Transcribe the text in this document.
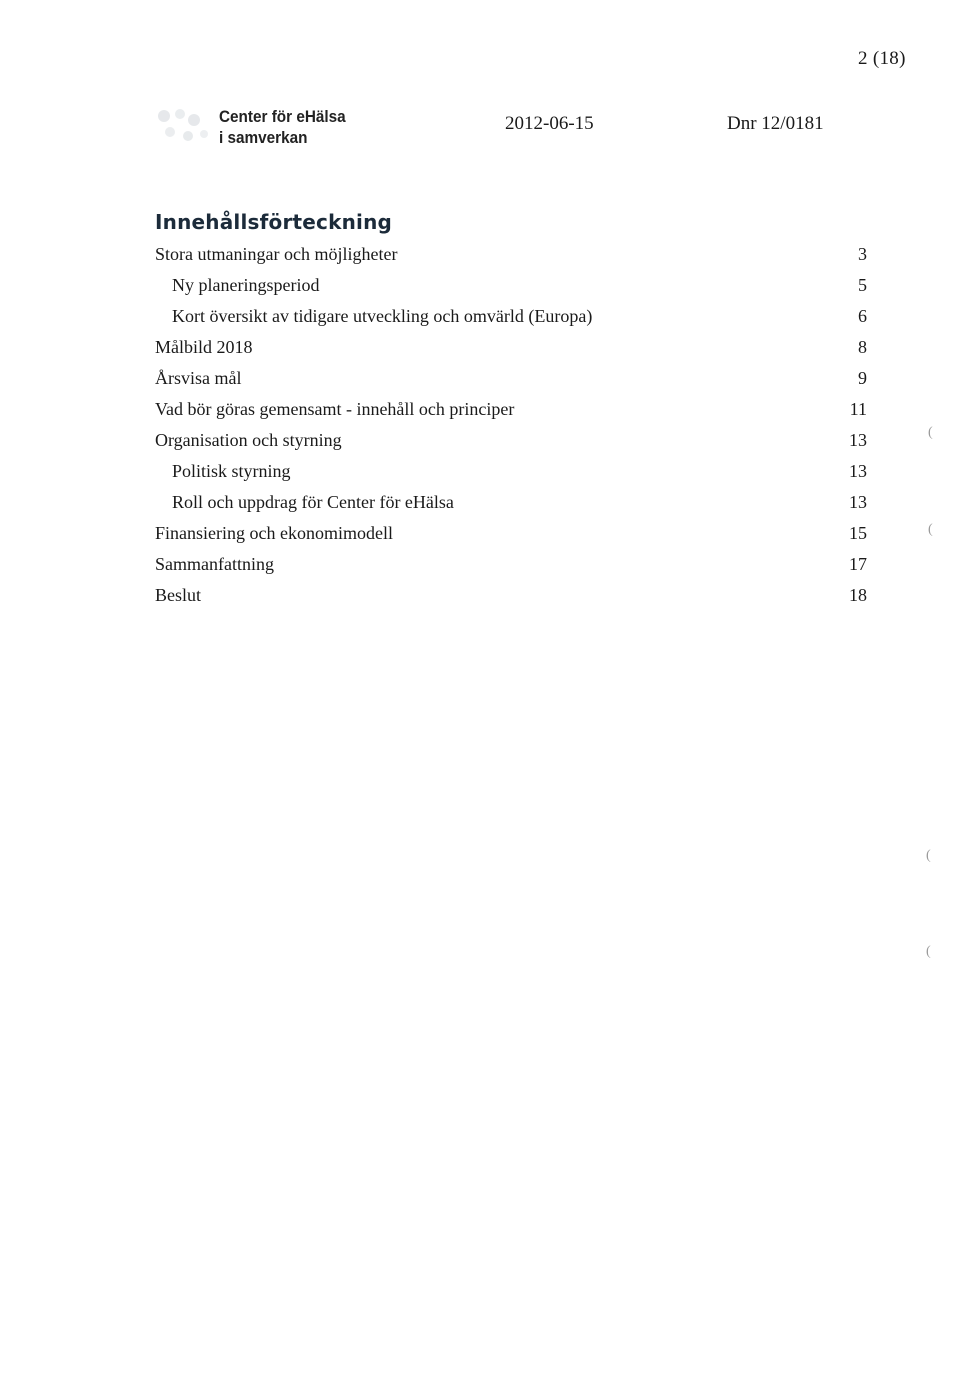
2 (18)
Center för eHälsa
i samverkan
2012-06-15	Dnr 12/0181
Innehållsförteckning
Stora utmaningar och möjligheter	3
Ny planeringsperiod	5
Kort översikt av tidigare utveckling och omvärld (Europa)	6
Målbild 2018	8
Årsvisa mål	9
Vad bör göras gemensamt - innehåll och principer	11
Organisation och styrning	13
Politisk styrning	13
Roll och uppdrag för Center för eHälsa	13
Finansiering och ekonomimodell	15
Sammanfattning	17
Beslut	18
(
(
(
(
